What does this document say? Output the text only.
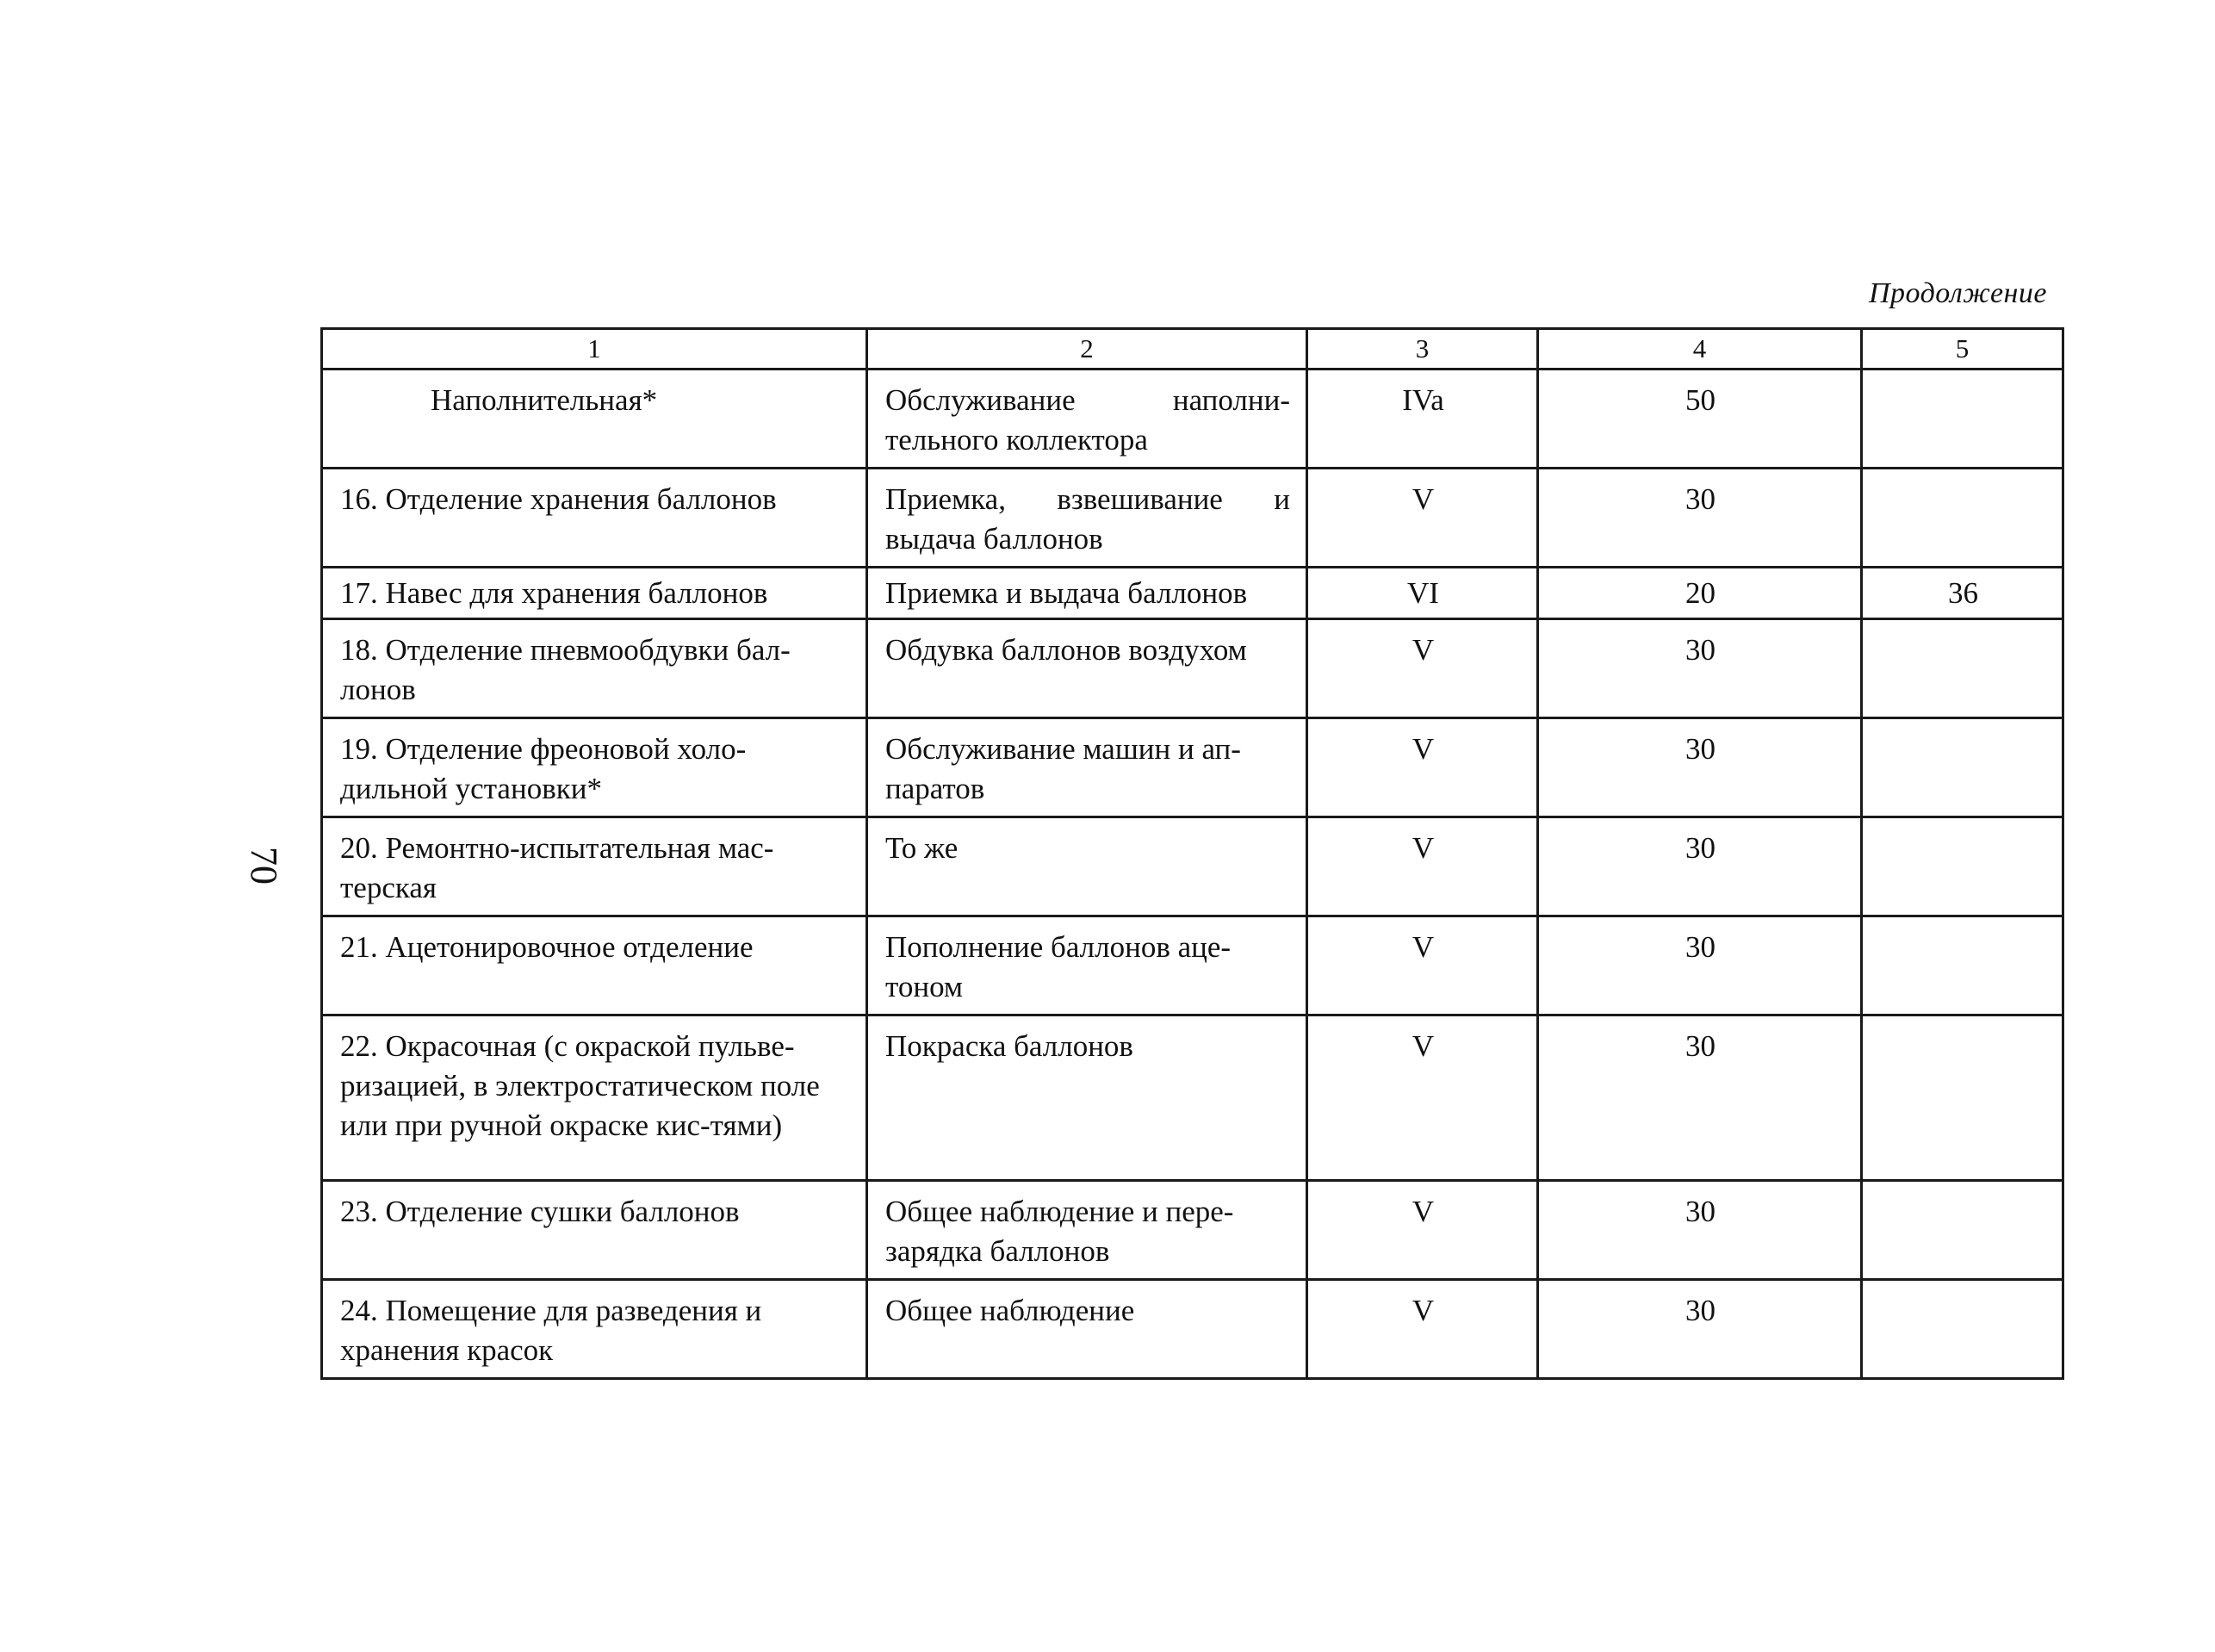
Продолжение
70
1	2	3	4	5
Наполнительная*	Обслуживание наполни-тельного коллектора	IVa	50	
16. Отделение хранения баллонов	Приемка, взвешивание и выдача баллонов	V	30	
17. Навес для хранения баллонов	Приемка и выдача баллонов	VI	20	36
18. Отделение пневмообдувки бал-лонов	Обдувка баллонов воздухом	V	30	
19. Отделение фреоновой холо-дильной установки*	Обслуживание машин и ап-паратов	V	30	
20. Ремонтно-испытательная мас-терская	То же	V	30	
21. Ацетонировочное отделение	Пополнение баллонов аце-тоном	V	30	
22. Окрасочная (с окраской пульве-ризацией, в электростатическом поле или при ручной окраске кис-тями)	Покраска баллонов	V	30	
23. Отделение сушки баллонов	Общее наблюдение и пере-зарядка баллонов	V	30	
24. Помещение для разведения и хранения красок	Общее наблюдение	V	30	
